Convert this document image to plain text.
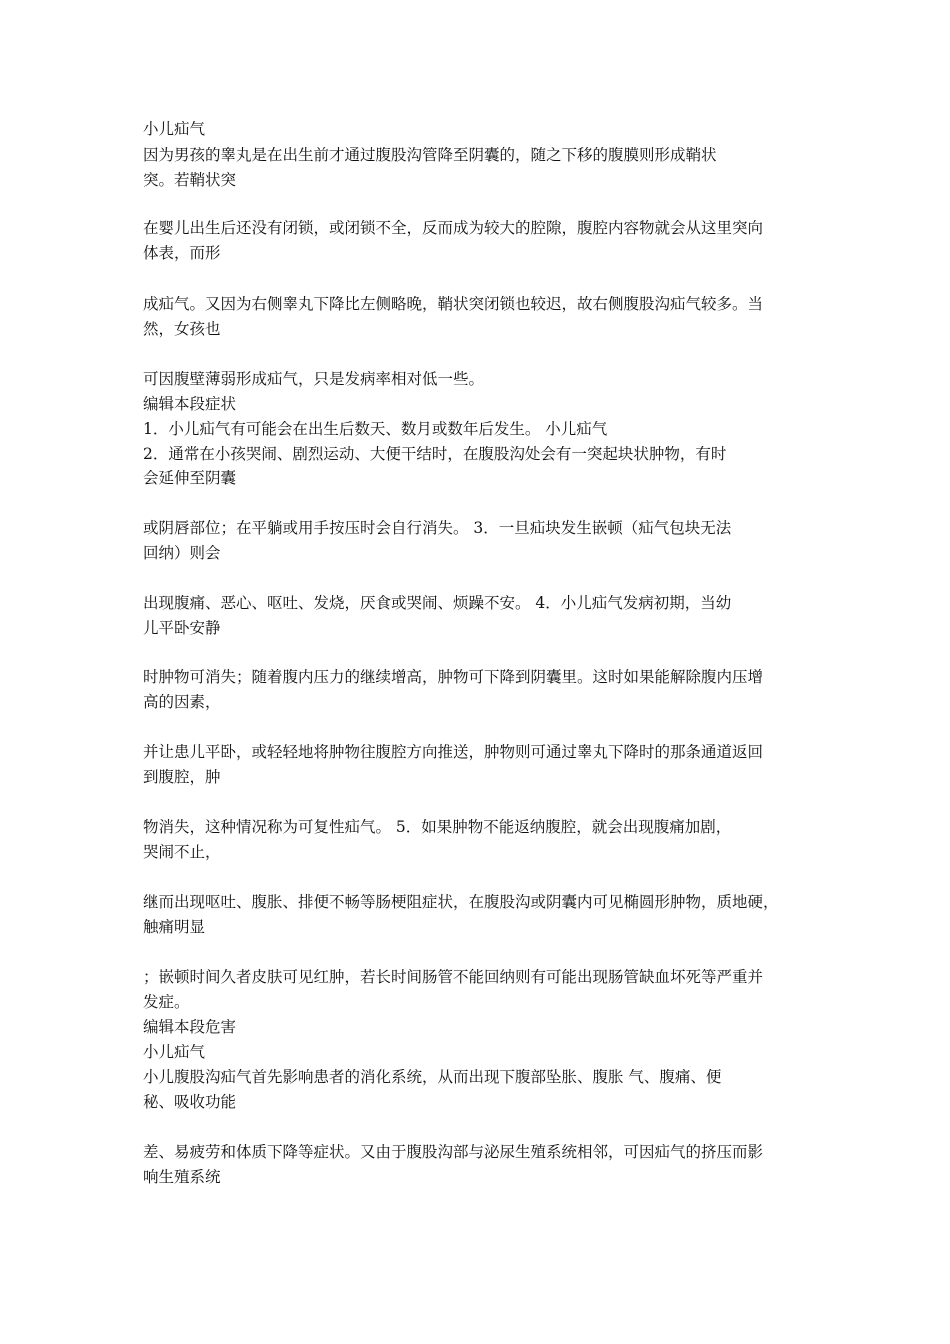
小儿疝气
因为男孩的睾丸是在出生前才通过腹股沟管降至阴囊的，随之下移的腹膜则形成鞘状
突。若鞘状突
在婴儿出生后还没有闭锁，或闭锁不全，反而成为较大的腔隙，腹腔内容物就会从这里突向
体表，而形
成疝气。又因为右侧睾丸下降比左侧略晚，鞘状突闭锁也较迟，故右侧腹股沟疝气较多。当
然，女孩也
可因腹壁薄弱形成疝气，只是发病率相对低一些。
编辑本段症状
1．小儿疝气有可能会在出生后数天、数月或数年后发生。 小儿疝气
2．通常在小孩哭闹、剧烈运动、大便干结时，在腹股沟处会有一突起块状肿物，有时
会延伸至阴囊
或阴唇部位；在平躺或用手按压时会自行消失。 3．一旦疝块发生嵌顿（疝气包块无法
回纳）则会
出现腹痛、恶心、呕吐、发烧，厌食或哭闹、烦躁不安。 4．小儿疝气发病初期，当幼
儿平卧安静
时肿物可消失；随着腹内压力的继续增高，肿物可下降到阴囊里。这时如果能解除腹内压增
高的因素，
并让患儿平卧，或轻轻地将肿物往腹腔方向推送，肿物则可通过睾丸下降时的那条通道返回
到腹腔，肿
物消失，这种情况称为可复性疝气。 5．如果肿物不能返纳腹腔，就会出现腹痛加剧，
哭闹不止，
继而出现呕吐、腹胀、排便不畅等肠梗阻症状，在腹股沟或阴囊内可见椭圆形肿物，质地硬，
触痛明显
；嵌顿时间久者皮肤可见红肿，若长时间肠管不能回纳则有可能出现肠管缺血坏死等严重并
发症。
编辑本段危害
小儿疝气
小儿腹股沟疝气首先影响患者的消化系统，从而出现下腹部坠胀、腹胀 气、腹痛、便
秘、吸收功能
差、易疲劳和体质下降等症状。又由于腹股沟部与泌尿生殖系统相邻，可因疝气的挤压而影
响生殖系统
